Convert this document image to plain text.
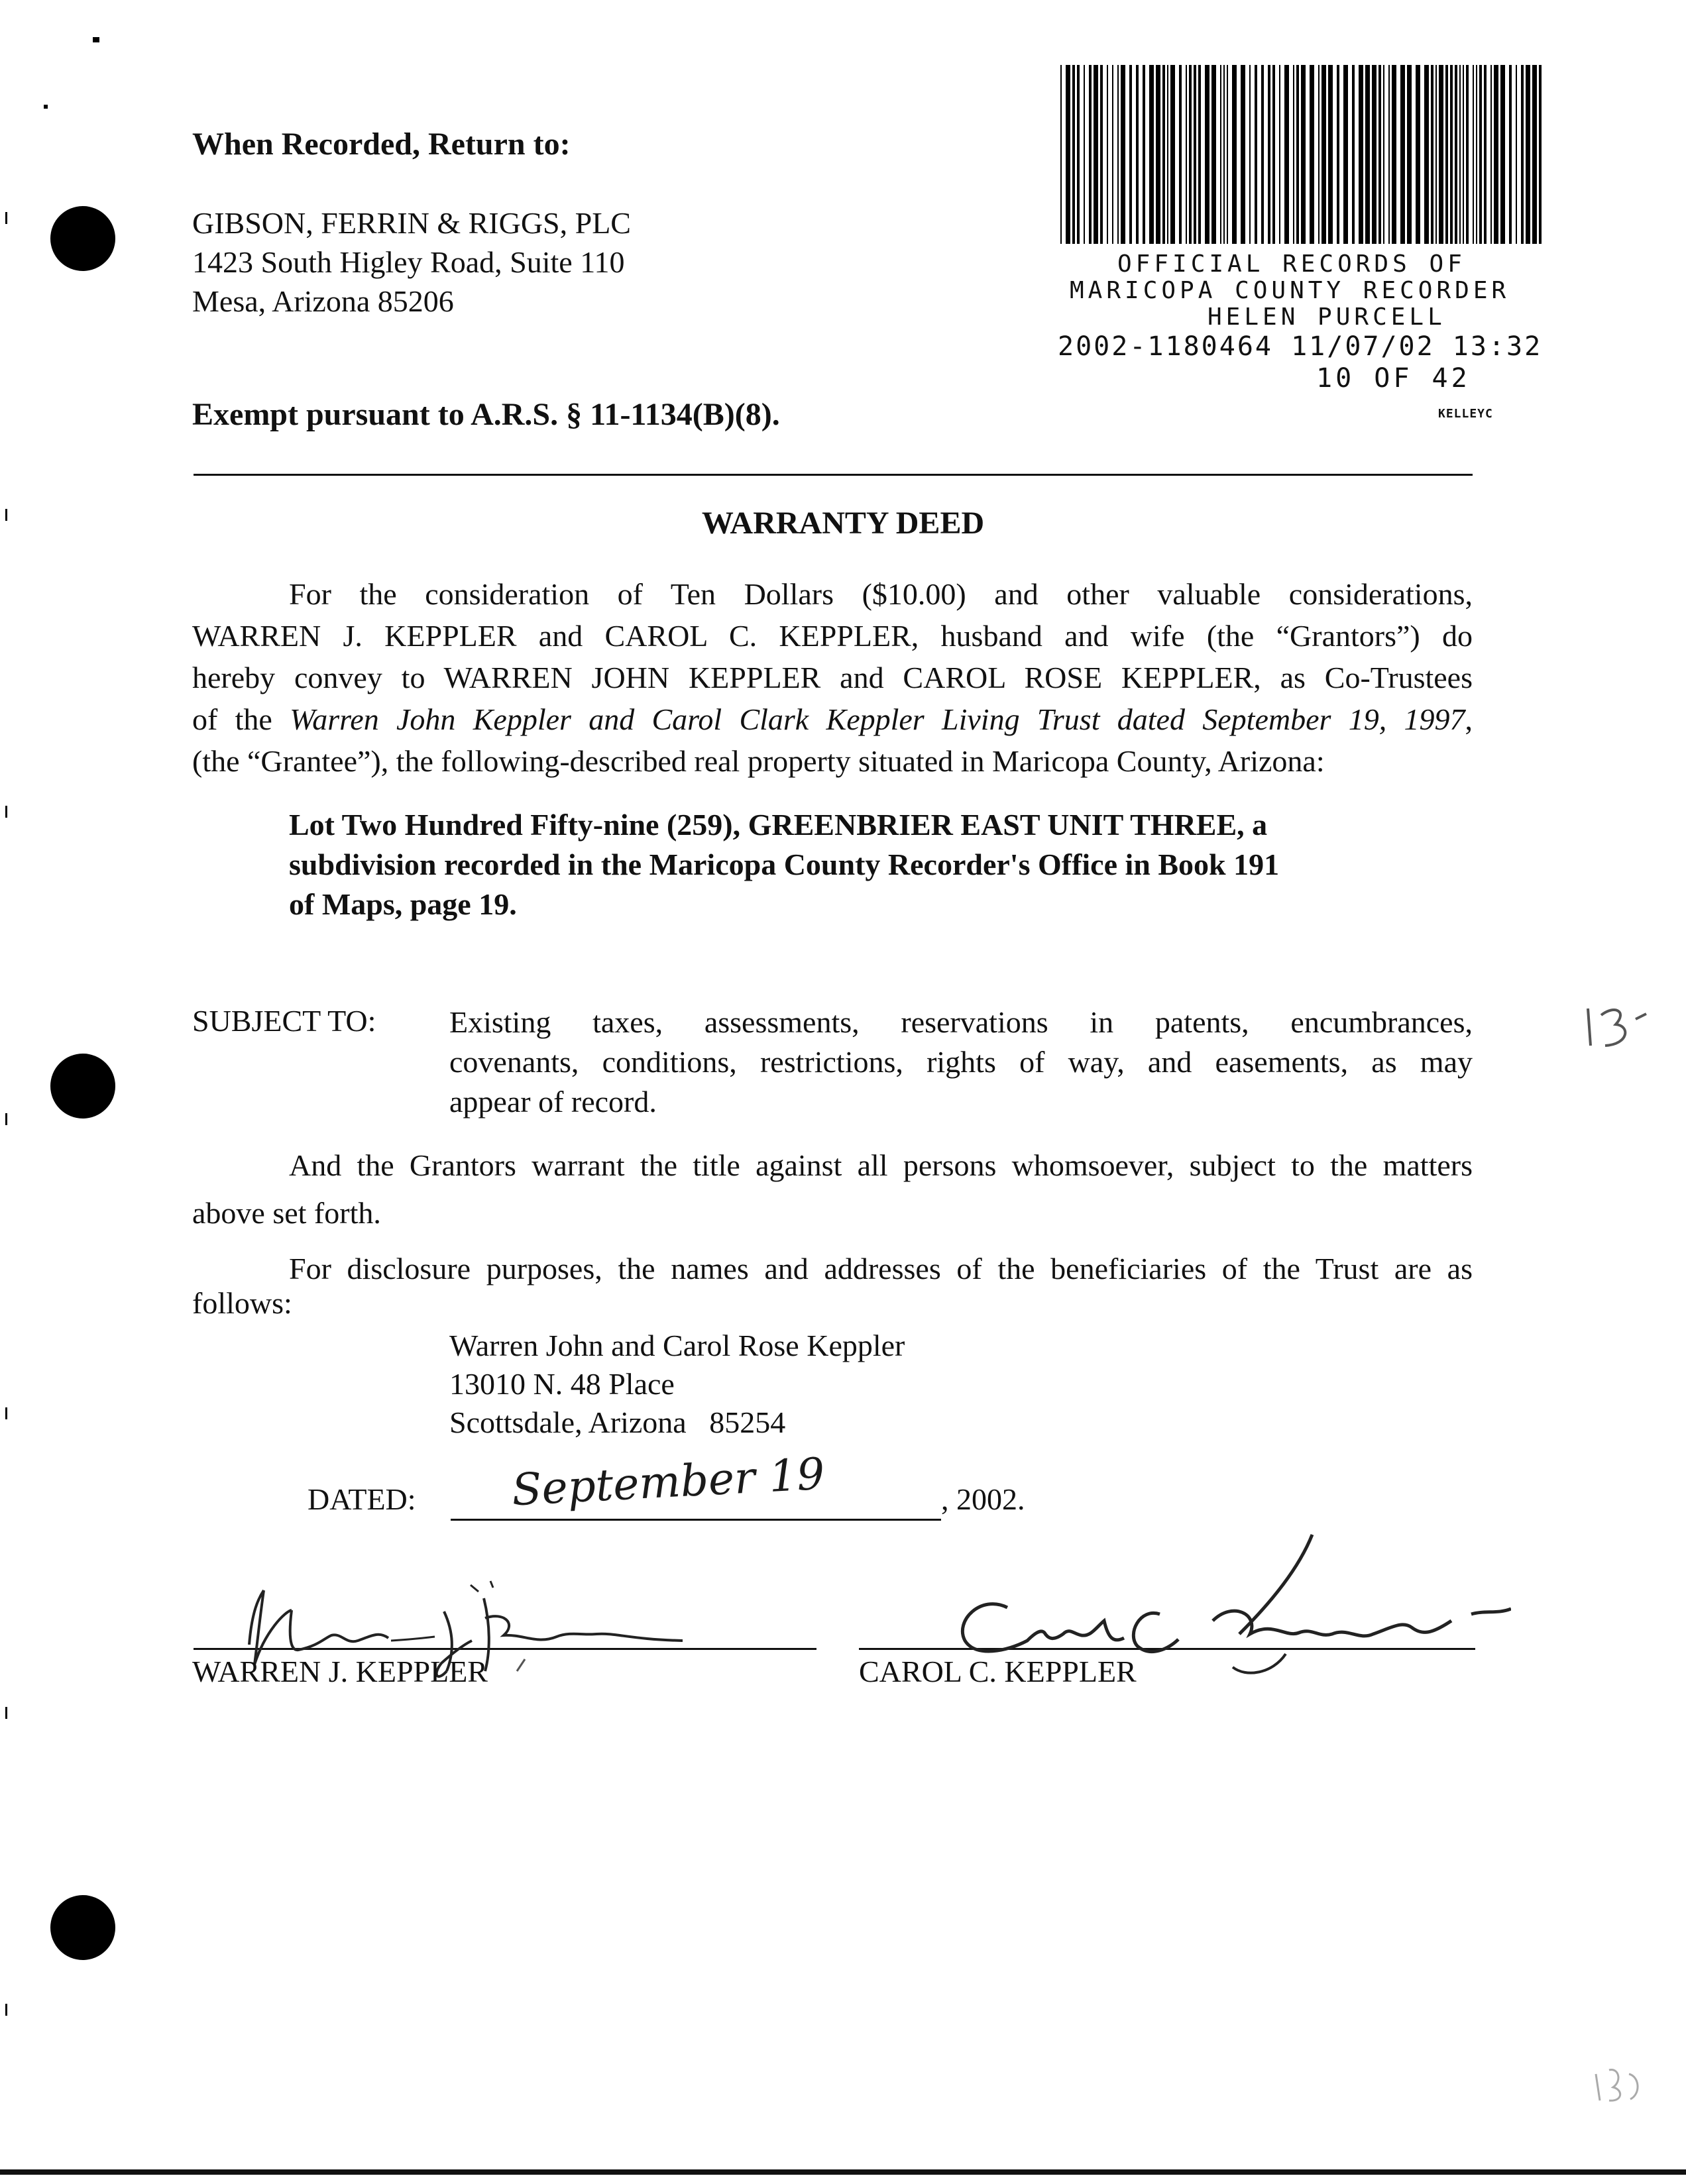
When Recorded, Return to:
GIBSON, FERRIN & RIGGS, PLC
1423 South Higley Road, Suite 110
Mesa, Arizona 85206
Exempt pursuant to A.R.S. § 11-1134(B)(8).
OFFICIAL RECORDS OF
MARICOPA COUNTY RECORDER
HELEN PURCELL
2002-1180464 11/07/02 13:32
10 OF 42
KELLEYC
WARRANTY DEED
For the consideration of Ten Dollars ($10.00) and other valuable considerations,
WARREN J. KEPPLER and CAROL C. KEPPLER, husband and wife (the “Grantors”) do
hereby convey to WARREN JOHN KEPPLER and CAROL ROSE KEPPLER, as Co-Trustees
of the Warren John Keppler and Carol Clark Keppler Living Trust dated September 19, 1997,
(the “Grantee”), the following-described real property situated in Maricopa County, Arizona:
Lot Two Hundred Fifty-nine (259), GREENBRIER EAST UNIT THREE, a
subdivision recorded in the Maricopa County Recorder's Office in Book 191
of Maps, page 19.
SUBJECT TO: Existing taxes, assessments, reservations in patents, encumbrances,
covenants, conditions, restrictions, rights of way, and easements, as may
appear of record.
And the Grantors warrant the title against all persons whomsoever, subject to the matters
above set forth.
For disclosure purposes, the names and addresses of the beneficiaries of the Trust are as
follows:
Warren John and Carol Rose Keppler
13010 N. 48 Place
Scottsdale, Arizona   85254
DATED: September 19	, 2002.
WARREN J. KEPPLER	CAROL C. KEPPLER
